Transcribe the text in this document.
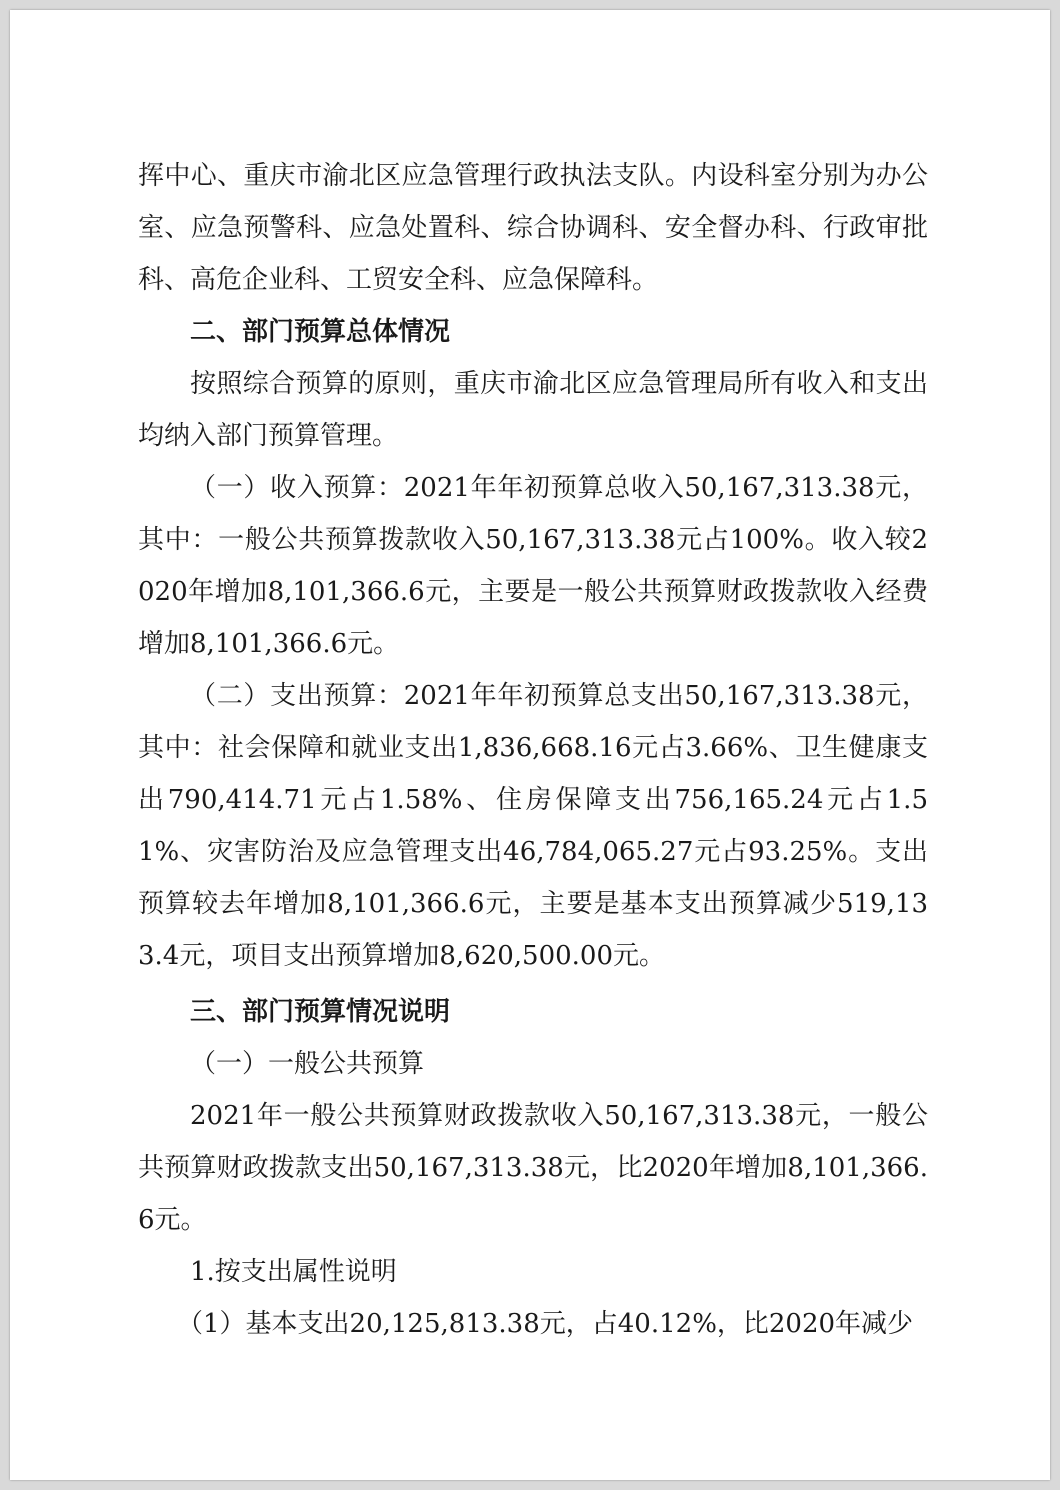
挥中心、重庆市渝北区应急管理行政执法支队。内设科室分别为办公室、应急预警科、应急处置科、综合协调科、安全督办科、行政审批科、高危企业科、工贸安全科、应急保障科。

二、部门预算总体情况

按照综合预算的原则，重庆市渝北区应急管理局所有收入和支出均纳入部门预算管理。

（一）收入预算：2021年年初预算总收入50,167,313.38元，其中：一般公共预算拨款收入50,167,313.38元占100%。收入较2020年增加8,101,366.6元，主要是一般公共预算财政拨款收入经费增加8,101,366.6元。

（二）支出预算：2021年年初预算总支出50,167,313.38元，其中：社会保障和就业支出1,836,668.16元占3.66%、卫生健康支出790,414.71元占1.58%、住房保障支出756,165.24元占1.51%、灾害防治及应急管理支出46,784,065.27元占93.25%。支出预算较去年增加8,101,366.6元，主要是基本支出预算减少519,133.4元，项目支出预算增加8,620,500.00元。

三、部门预算情况说明

（一）一般公共预算

2021年一般公共预算财政拨款收入50,167,313.38元，一般公共预算财政拨款支出50,167,313.38元，比2020年增加8,101,366.6元。

1.按支出属性说明

（1）基本支出20,125,813.38元，占40.12%，比2020年减少
